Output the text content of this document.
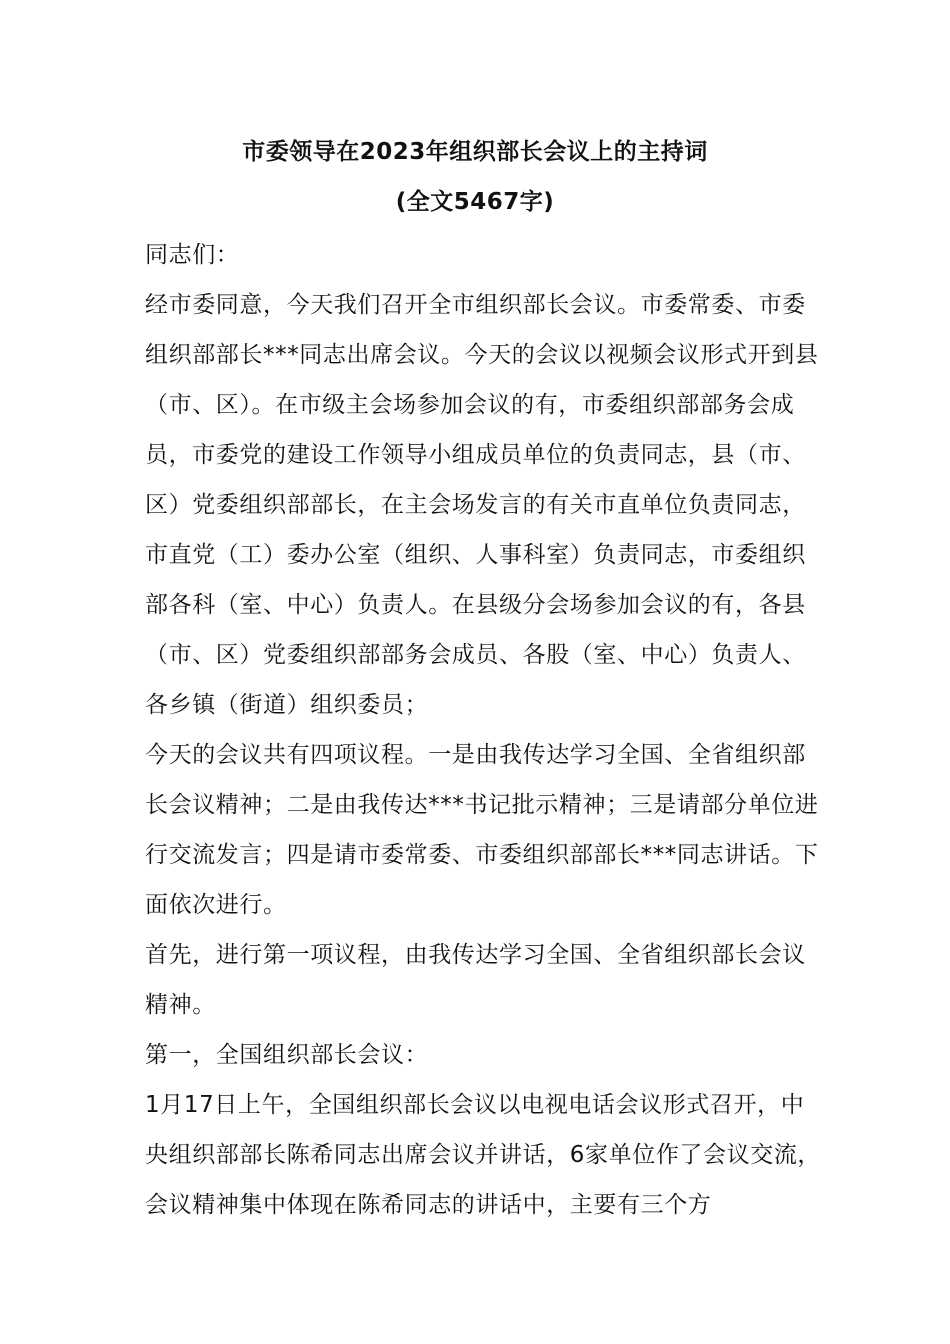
市委领导在2023年组织部长会议上的主持词
(全文5467字)

同志们：

经市委同意，今天我们召开全市组织部长会议。市委常委、市委组织部部长***同志出席会议。今天的会议以视频会议形式开到县（市、区）。在市级主会场参加会议的有，市委组织部部务会成员，市委党的建设工作领导小组成员单位的负责同志，县（市、区）党委组织部部长，在主会场发言的有关市直单位负责同志，市直党（工）委办公室（组织、人事科室）负责同志，市委组织部各科（室、中心）负责人。在县级分会场参加会议的有，各县（市、区）党委组织部部务会成员、各股（室、中心）负责人、各乡镇（街道）组织委员；

今天的会议共有四项议程。一是由我传达学习全国、全省组织部长会议精神；二是由我传达***书记批示精神；三是请部分单位进行交流发言；四是请市委常委、市委组织部部长***同志讲话。下面依次进行。

首先，进行第一项议程，由我传达学习全国、全省组织部长会议精神。

第一，全国组织部长会议：

1月17日上午，全国组织部长会议以电视电话会议形式召开，中央组织部部长陈希同志出席会议并讲话，6家单位作了会议交流，会议精神集中体现在陈希同志的讲话中，主要有三个方
